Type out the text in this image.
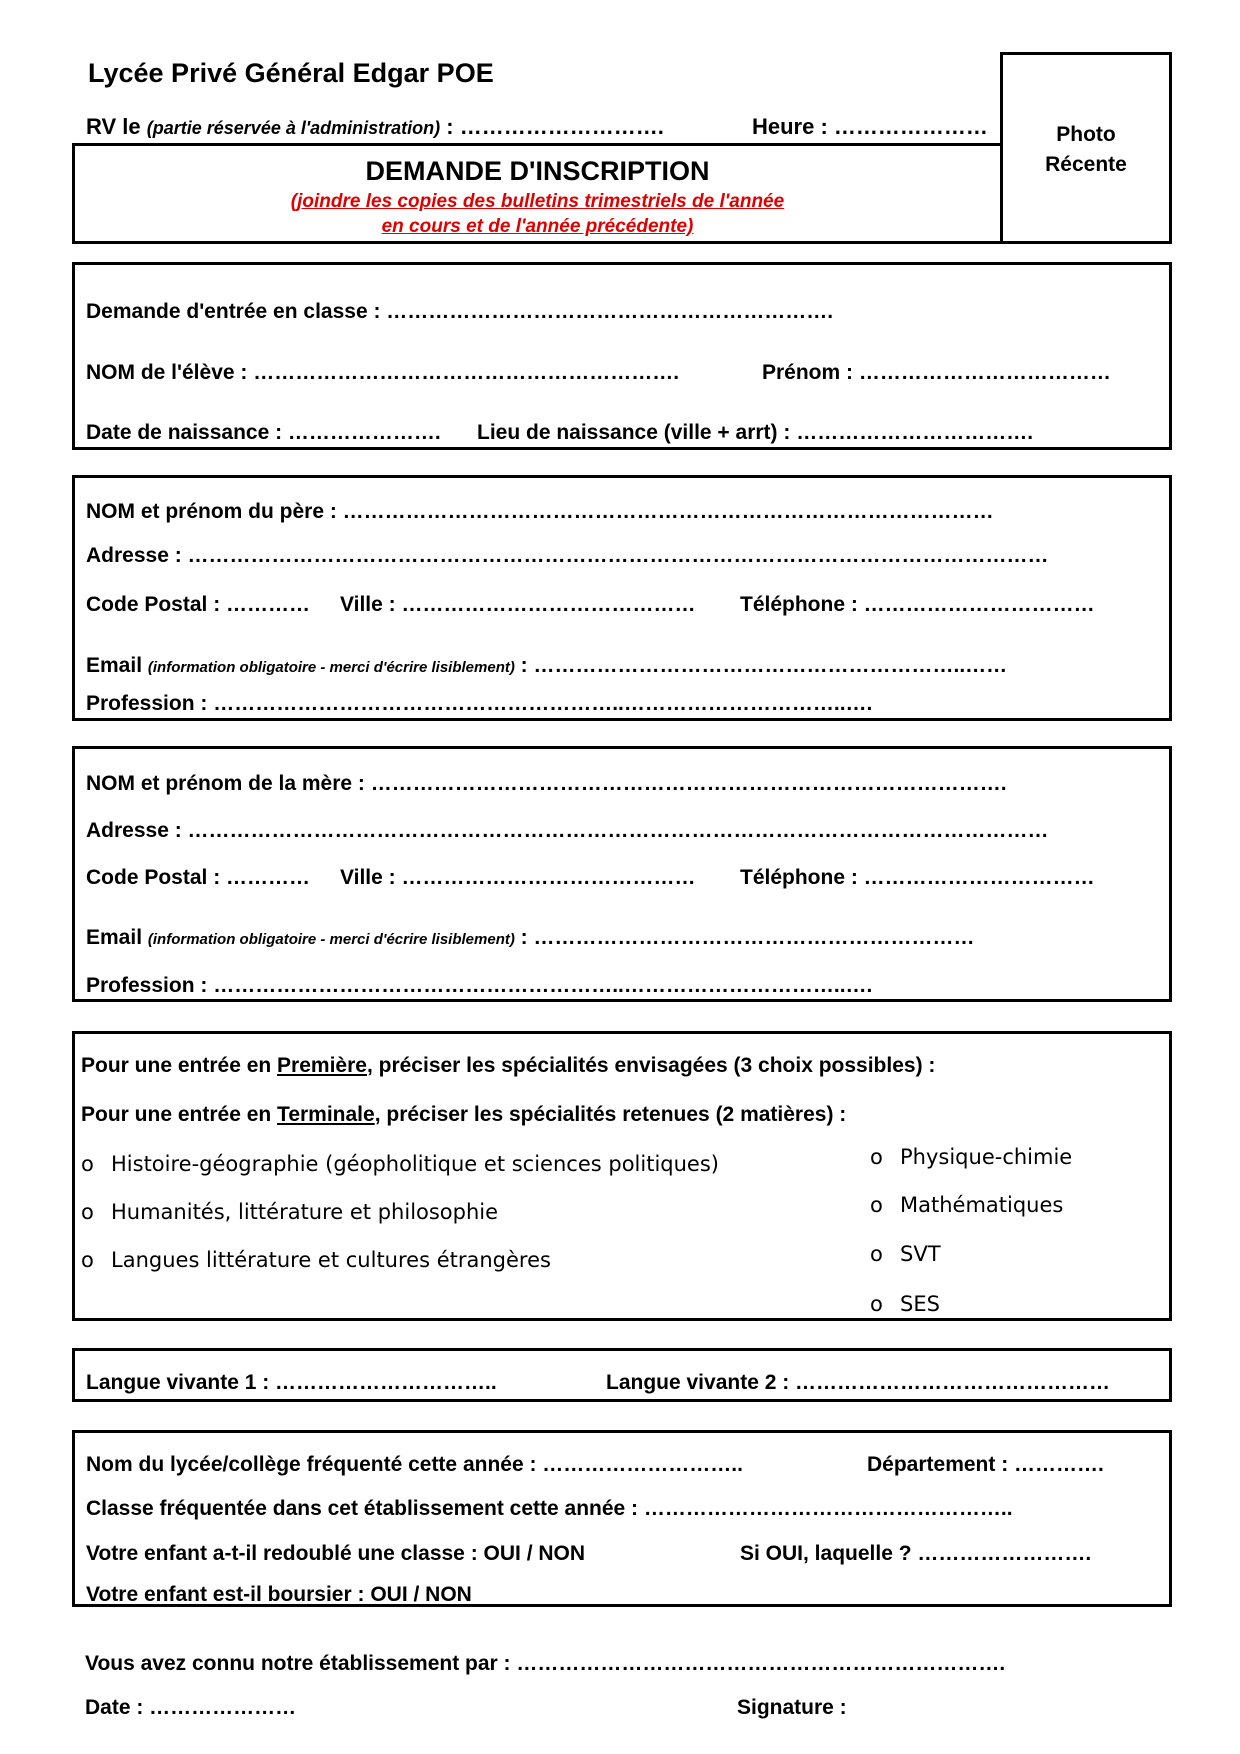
Lycée Privé Général Edgar POE
RV le (partie réservée à l'administration) : ……………………….	Heure : …………………	Photo
Récente
DEMANDE D'INSCRIPTION
(joindre les copies des bulletins trimestriels de l'année
en cours et de l'année précédente)
Demande d'entrée en classe : ……………………………………………………….
NOM de l'élève : …………………………………………………….	Prénom : ………………………………
Date de naissance : …………………. Lieu de naissance (ville + arrt) : …………………………….
NOM et prénom du père : …………………………………………………………………………………
Adresse : ……………………………………………………………………………………………………………
Code Postal : ………… Ville : …………………………………… Téléphone : ……………………………
Email (information obligatoire - merci d'écrire lisiblement) : ……………………………………………………..……
Profession : …………………………………………………..…………………………..….
NOM et prénom de la mère : ……………………………………………………………………………….
Adresse : ……………………………………………………………………………………………………………
Code Postal : ………… Ville : …………………………………… Téléphone : ……………………………
Email (information obligatoire - merci d'écrire lisiblement) : ………………………………………………………
Profession : …………………………………………………..…………………………..….
Pour une entrée en Première, préciser les spécialités envisagées (3 choix possibles) :
Pour une entrée en Terminale, préciser les spécialités retenues (2 matières) :
o Histoire-géographie (géopholitique et sciences politiques)
o Humanités, littérature et philosophie
o Langues littérature et cultures étrangères
o Physique-chimie
o Mathématiques
o SVT
o SES
Langue vivante 1 : …………………………..	Langue vivante 2 : ………………………………………
Nom du lycée/collège fréquenté cette année : ………………………..	Département : ………….
Classe fréquentée dans cet établissement cette année : ……………………………………………..
Votre enfant a-t-il redoublé une classe : OUI / NON	Si OUI, laquelle ? …………………….
Votre enfant est-il boursier : OUI / NON
Vous avez connu notre établissement par : …………………………………………………………….
Date : …………………	Signature :
